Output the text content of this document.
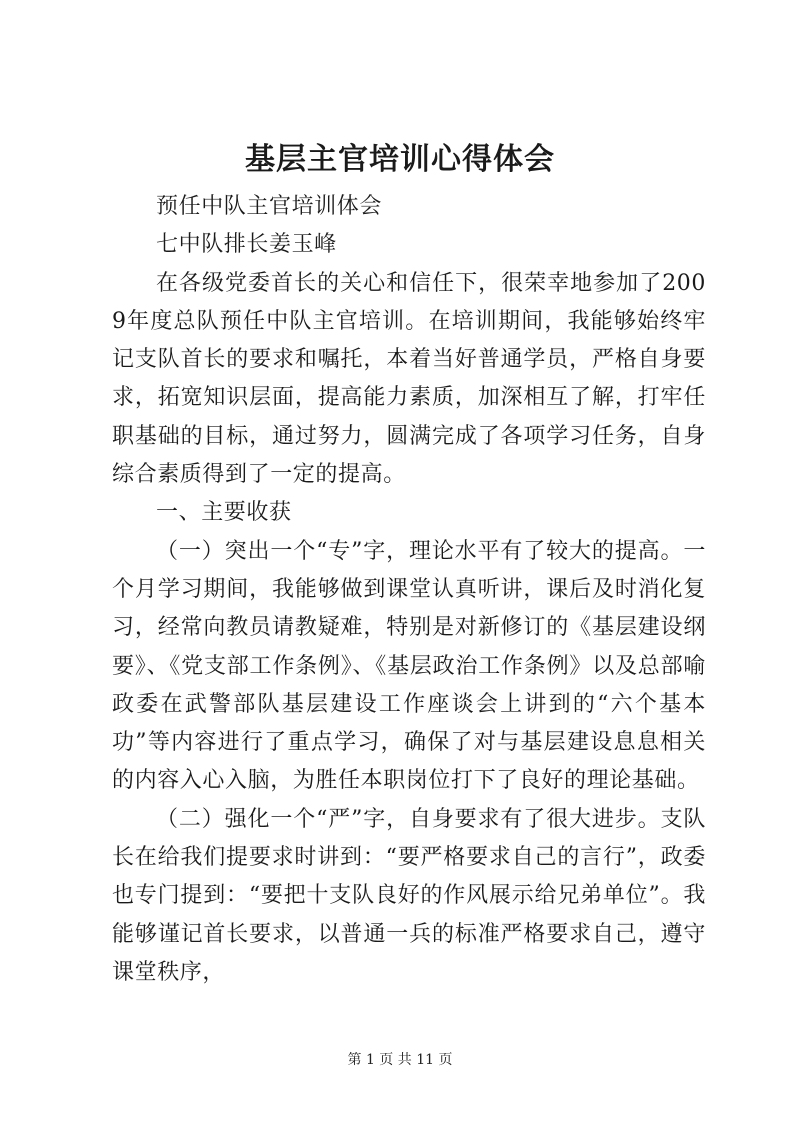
基层主官培训心得体会

预任中队主官培训体会

七中队排长姜玉峰

在各级党委首长的关心和信任下，很荣幸地参加了2009年度总队预任中队主官培训。在培训期间，我能够始终牢记支队首长的要求和嘱托，本着当好普通学员，严格自身要求，拓宽知识层面，提高能力素质，加深相互了解，打牢任职基础的目标，通过努力，圆满完成了各项学习任务，自身综合素质得到了一定的提高。

一、主要收获

（一）突出一个“专”字，理论水平有了较大的提高。一个月学习期间，我能够做到课堂认真听讲，课后及时消化复习，经常向教员请教疑难，特别是对新修订的《基层建设纲要》、《党支部工作条例》、《基层政治工作条例》以及总部喻政委在武警部队基层建设工作座谈会上讲到的“六个基本功”等内容进行了重点学习，确保了对与基层建设息息相关的内容入心入脑，为胜任本职岗位打下了良好的理论基础。

（二）强化一个“严”字，自身要求有了很大进步。支队长在给我们提要求时讲到：“要严格要求自己的言行”，政委也专门提到：“要把十支队良好的作风展示给兄弟单位”。我能够谨记首长要求，以普通一兵的标准严格要求自己，遵守课堂秩序，

第 1 页 共 11 页
